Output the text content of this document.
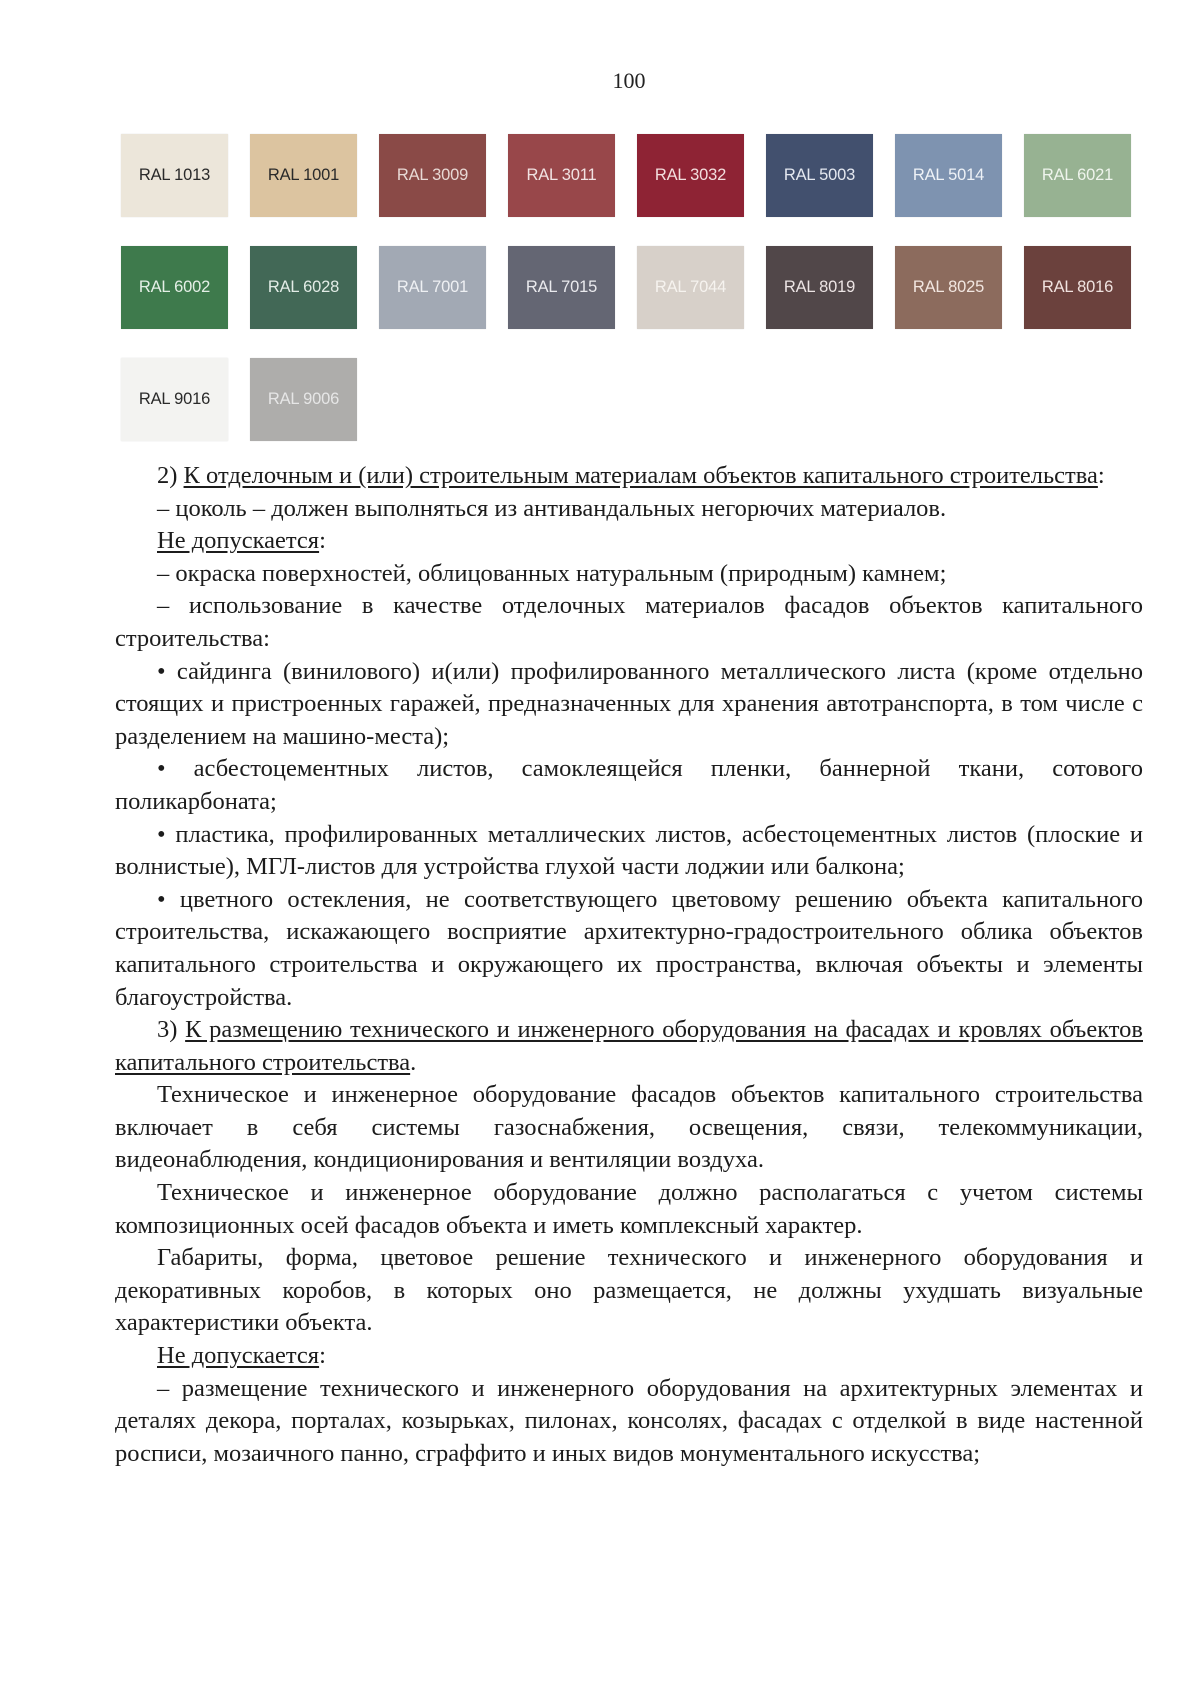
100
RAL 1013	RAL 1001	RAL 3009	RAL 3011	RAL 3032	RAL 5003	RAL 5014	RAL 6021
RAL 6002	RAL 6028	RAL 7001	RAL 7015	RAL 7044	RAL 8019	RAL 8025	RAL 8016
RAL 9016	RAL 9006

2) К отделочным и (или) строительным материалам объектов капитального строительства:

– цоколь – должен выполняться из антивандальных негорючих материалов.

Не допускается:

– окраска поверхностей, облицованных натуральным (природным) камнем;

– использование в качестве отделочных материалов фасадов объектов капитального строительства:

• сайдинга (винилового) и(или) профилированного металлического листа (кроме отдельно стоящих и пристроенных гаражей, предназначенных для хранения автотранспорта, в том числе с разделением на машино-места);

• асбестоцементных листов, самоклеящейся пленки, баннерной ткани, сотового поликарбоната;

• пластика, профилированных металлических листов, асбестоцементных листов (плоские и волнистые), МГЛ-листов для устройства глухой части лоджии или балкона;

• цветного остекления, не соответствующего цветовому решению объекта капитального строительства, искажающего восприятие архитектурно-градостроительного облика объектов капитального строительства и окружающего их пространства, включая объекты и элементы благоустройства.

3) К размещению технического и инженерного оборудования на фасадах и кровлях объектов капитального строительства.

Техническое и инженерное оборудование фасадов объектов капитального строительства включает в себя системы газоснабжения, освещения, связи, телекоммуникации, видеонаблюдения, кондиционирования и вентиляции воздуха.

Техническое и инженерное оборудование должно располагаться с учетом системы композиционных осей фасадов объекта и иметь комплексный характер.

Габариты, форма, цветовое решение технического и инженерного оборудования и декоративных коробов, в которых оно размещается, не должны ухудшать визуальные характеристики объекта.

Не допускается:

– размещение технического и инженерного оборудования на архитектурных элементах и деталях декора, порталах, козырьках, пилонах, консолях, фасадах с отделкой в виде настенной росписи, мозаичного панно, сграффито и иных видов монументального искусства;
